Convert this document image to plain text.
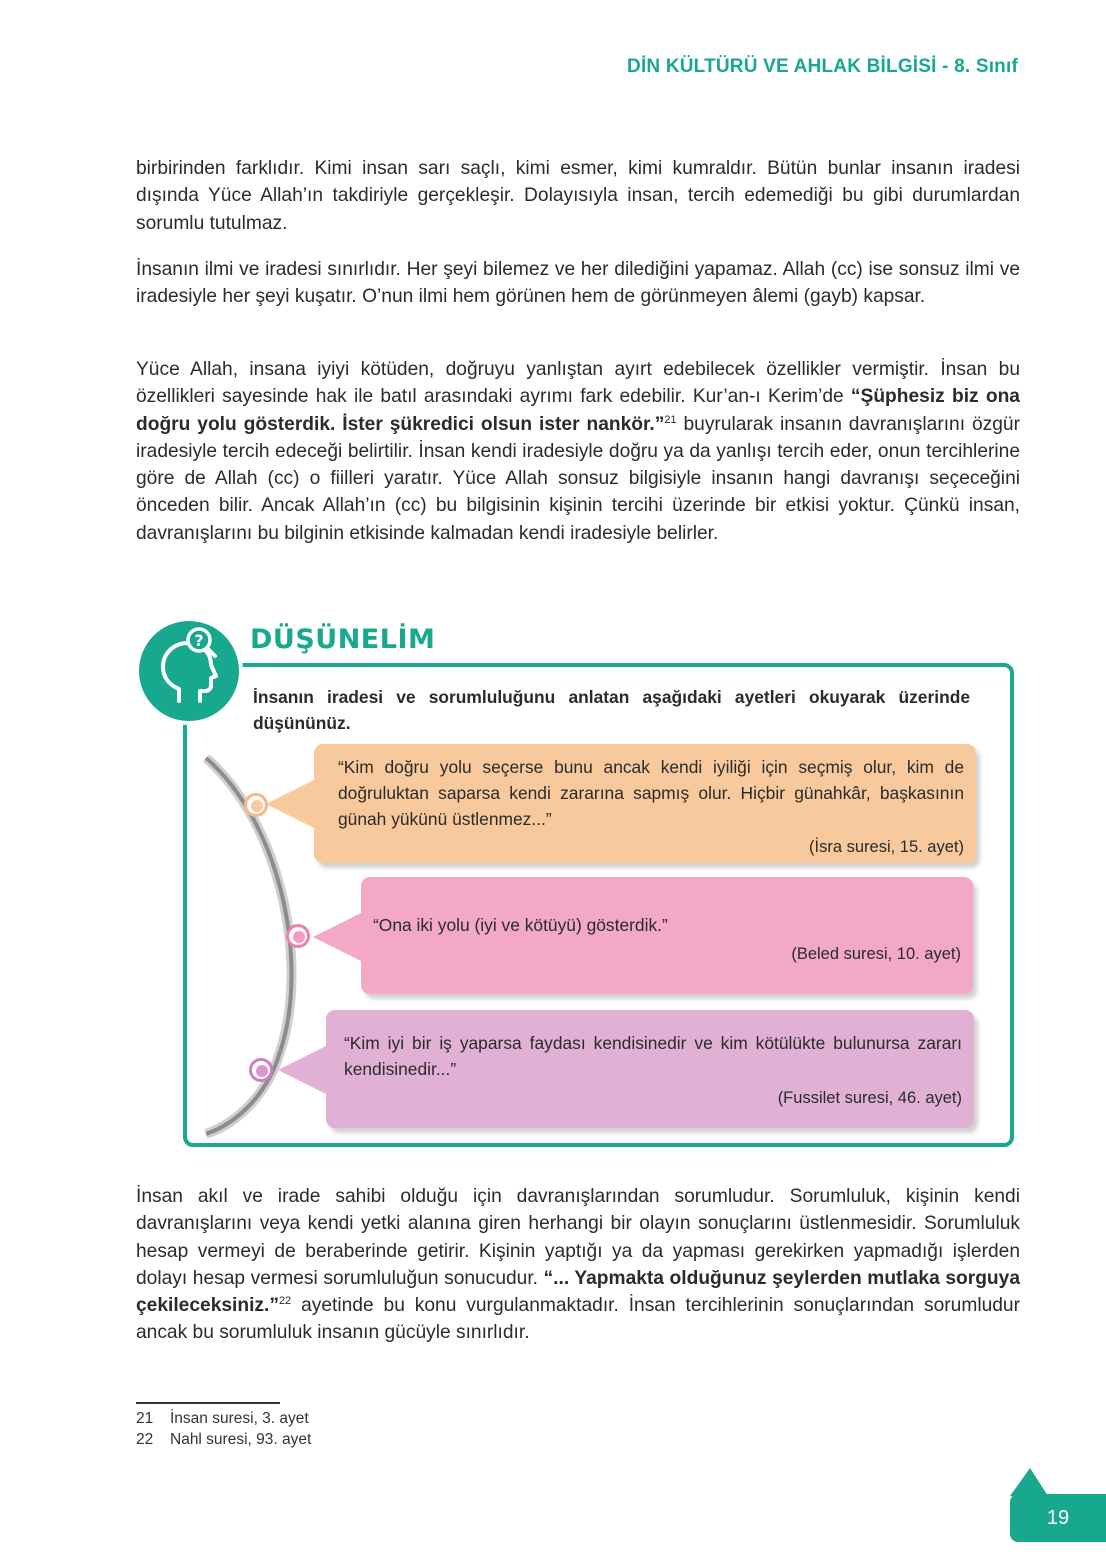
DİN KÜLTÜRÜ VE AHLAK BİLGİSİ - 8. Sınıf

birbirinden farklıdır. Kimi insan sarı saçlı, kimi esmer, kimi kumraldır. Bütün bunlar insanın iradesi dışında Yüce Allah’ın takdiriyle gerçekleşir. Dolayısıyla insan, tercih edemediği bu gibi durumlardan sorumlu tutulmaz.

İnsanın ilmi ve iradesi sınırlıdır. Her şeyi bilemez ve her dilediğini yapamaz. Allah (cc) ise sonsuz ilmi ve iradesiyle her şeyi kuşatır. O’nun ilmi hem görünen hem de görünmeyen âlemi (gayb) kapsar.

Yüce Allah, insana iyiyi kötüden, doğruyu yanlıştan ayırt edebilecek özellikler vermiştir. İnsan bu özellikleri sayesinde hak ile batıl arasındaki ayrımı fark edebilir. Kur’an-ı Kerim’de “Şüphesiz biz ona doğru yolu gösterdik. İster şükredici olsun ister nankör.”$^{21}$ buyrularak insanın davranışlarını özgür iradesiyle tercih edeceği belirtilir. İnsan kendi iradesiyle doğru ya da yanlışı tercih eder, onun tercihlerine göre de Allah (cc) o fiilleri yaratır. Yüce Allah sonsuz bilgisiyle insanın hangi davranışı seçeceğini önceden bilir. Ancak Allah’ın (cc) bu bilgisinin kişinin tercihi üzerinde bir etkisi yoktur. Çünkü insan, davranışlarını bu bilginin etkisinde kalmadan kendi iradesiyle belirler.

? DÜŞÜNELİM
İnsanın iradesi ve sorumluluğunu anlatan aşağıdaki ayetleri okuyarak üzerinde düşününüz.
“Kim doğru yolu seçerse bunu ancak kendi iyiliği için seçmiş olur, kim de doğruluktan saparsa kendi zararına sapmış olur. Hiçbir günahkâr, başkasının günah yükünü üstlenmez...”
(İsra suresi, 15. ayet)
“Ona iki yolu (iyi ve kötüyü) gösterdik.”
(Beled suresi, 10. ayet)
“Kim iyi bir iş yaparsa faydası kendisinedir ve kim kötülükte bulunursa zararı kendisinedir...”
(Fussilet suresi, 46. ayet)

İnsan akıl ve irade sahibi olduğu için davranışlarından sorumludur. Sorumluluk, kişinin kendi davranışlarını veya kendi yetki alanına giren herhangi bir olayın sonuçlarını üstlenmesidir. Sorumluluk hesap vermeyi de beraberinde getirir. Kişinin yaptığı ya da yapması gerekirken yapmadığı işlerden dolayı hesap vermesi sorumluluğun sonucudur. “... Yapmakta olduğunuz şeylerden mutlaka sorguya çekileceksiniz.”$^{22}$ ayetinde bu konu vurgulanmaktadır. İnsan tercihlerinin sonuçlarından sorumludur ancak bu sorumluluk insanın gücüyle sınırlıdır.

21 İnsan suresi, 3. ayet
22 Nahl suresi, 93. ayet
19
